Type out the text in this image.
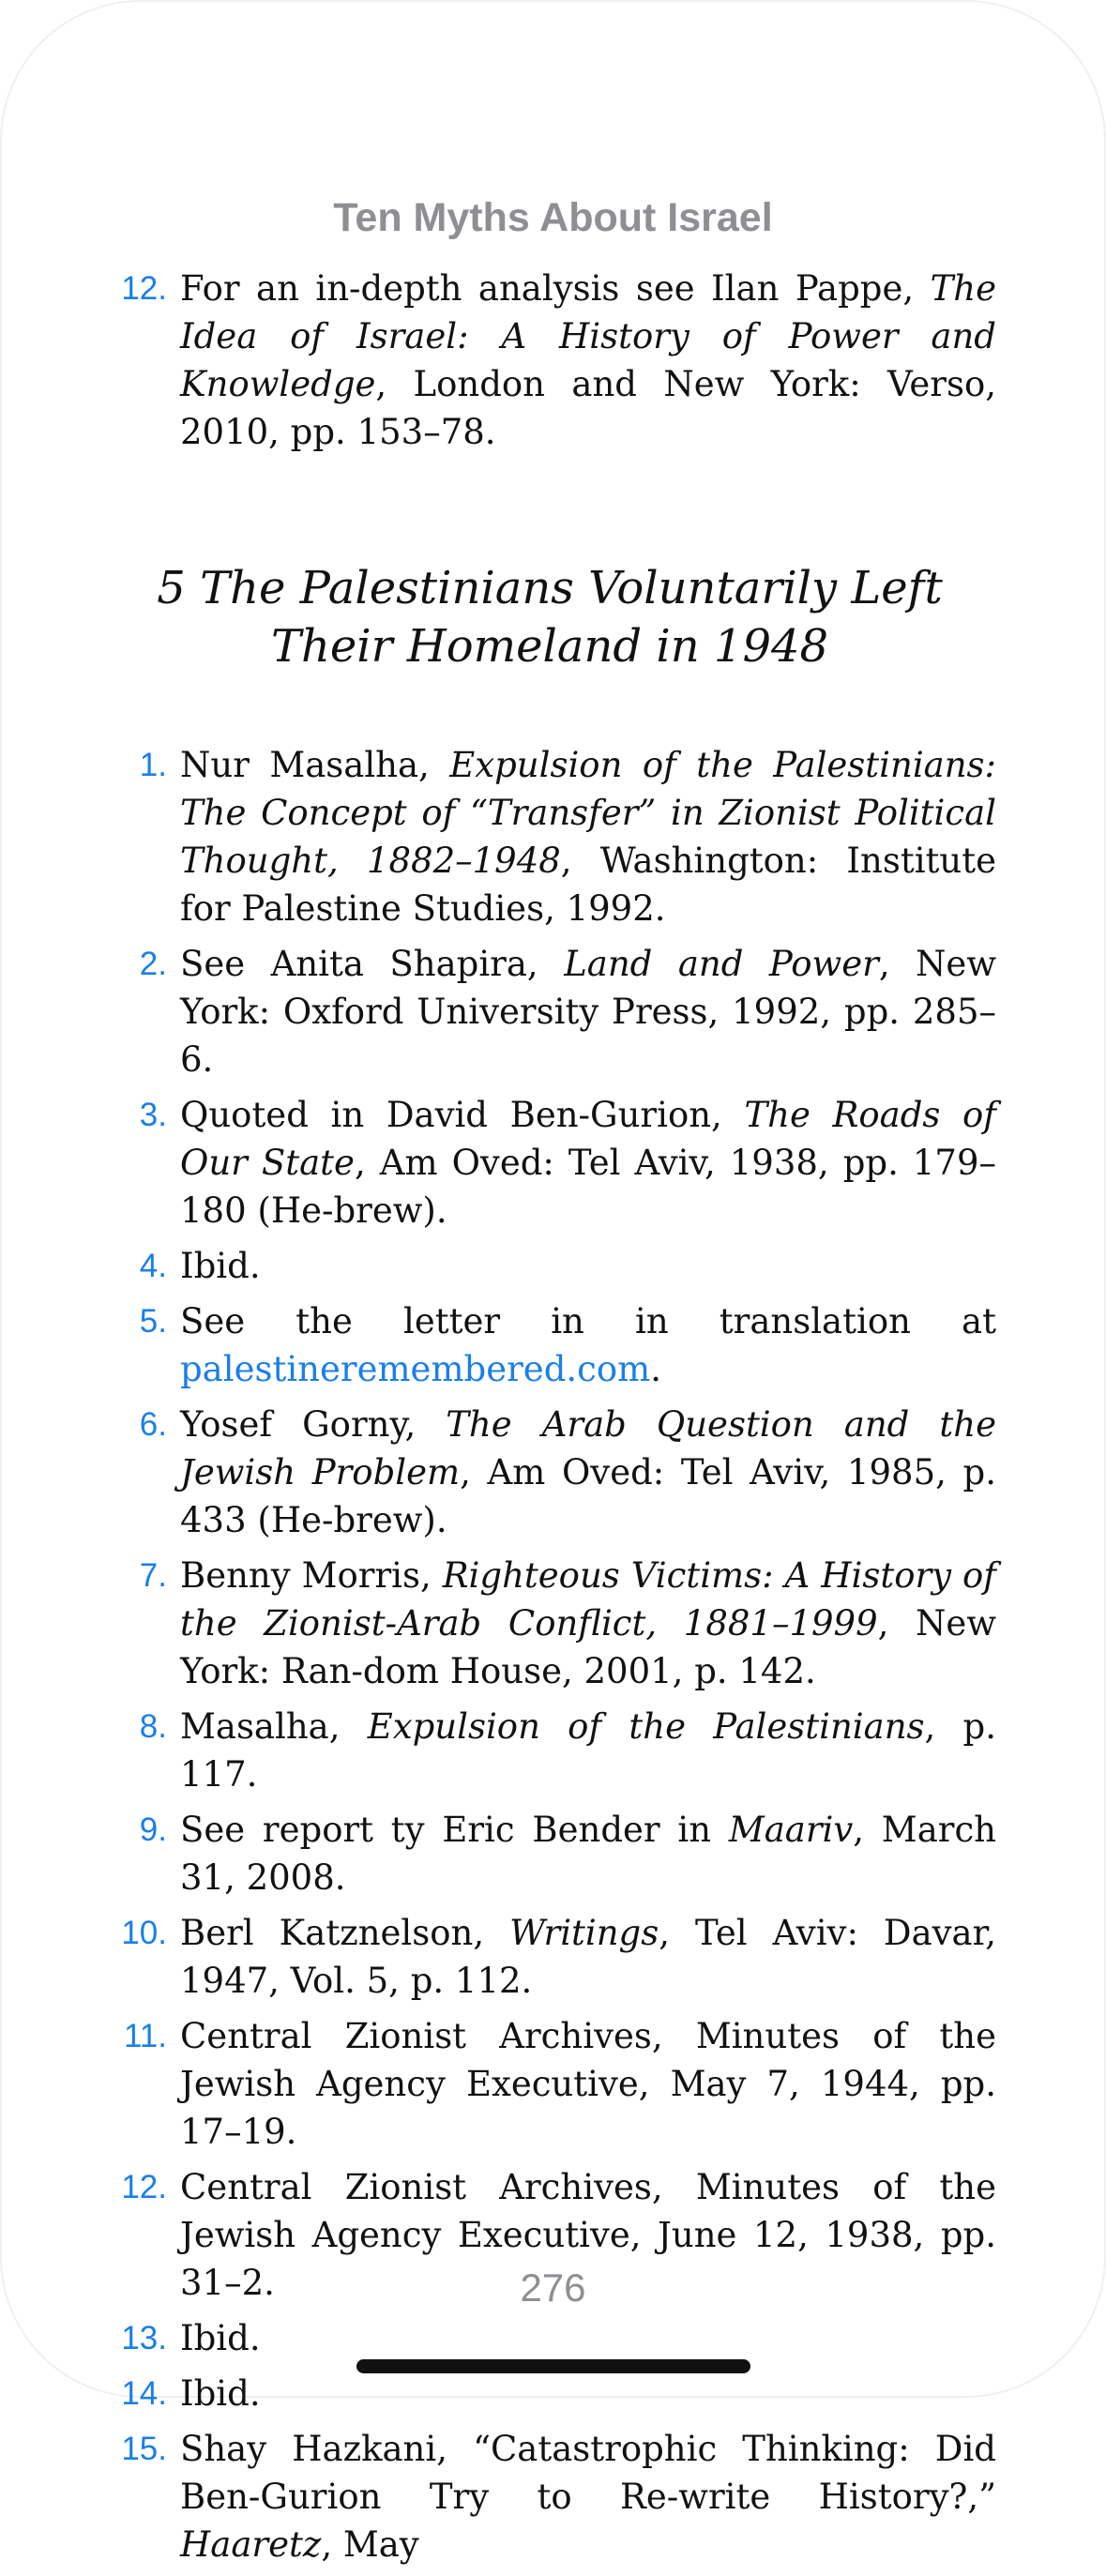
Ten Myths About Israel
12. For an in-depth analysis see Ilan Pappe, The Idea of Israel: A History of Power and Knowledge, London and New York: Verso, 2010, pp. 153–78.
5 The Palestinians Voluntarily Left Their Homeland in 1948
1. Nur Masalha, Expulsion of the Palestinians: The Concept of “Transfer” in Zionist Political Thought, 1882–1948, Washington: Institute for Palestine Studies, 1992.
2. See Anita Shapira, Land and Power, New York: Oxford University Press, 1992, pp. 285–6.
3. Quoted in David Ben-Gurion, The Roads of Our State, Am Oved: Tel Aviv, 1938, pp. 179–180 (He-brew).
4. Ibid.
5. See the letter in in translation at palestineremembered.com.
6. Yosef Gorny, The Arab Question and the Jewish Problem, Am Oved: Tel Aviv, 1985, p. 433 (He-brew).
7. Benny Morris, Righteous Victims: A History of the Zionist-Arab Conflict, 1881–1999, New York: Ran-dom House, 2001, p. 142.
8. Masalha, Expulsion of the Palestinians, p. 117.
9. See report ty Eric Bender in Maariv, March 31, 2008.
10. Berl Katznelson, Writings, Tel Aviv: Davar, 1947, Vol. 5, p. 112.
11. Central Zionist Archives, Minutes of the Jewish Agency Executive, May 7, 1944, pp. 17–19.
12. Central Zionist Archives, Minutes of the Jewish Agency Executive, June 12, 1938, pp. 31–2.
13. Ibid.
14. Ibid.
15. Shay Hazkani, “Catastrophic Thinking: Did Ben-Gurion Try to Re-write History?,” Haaretz, May
276
